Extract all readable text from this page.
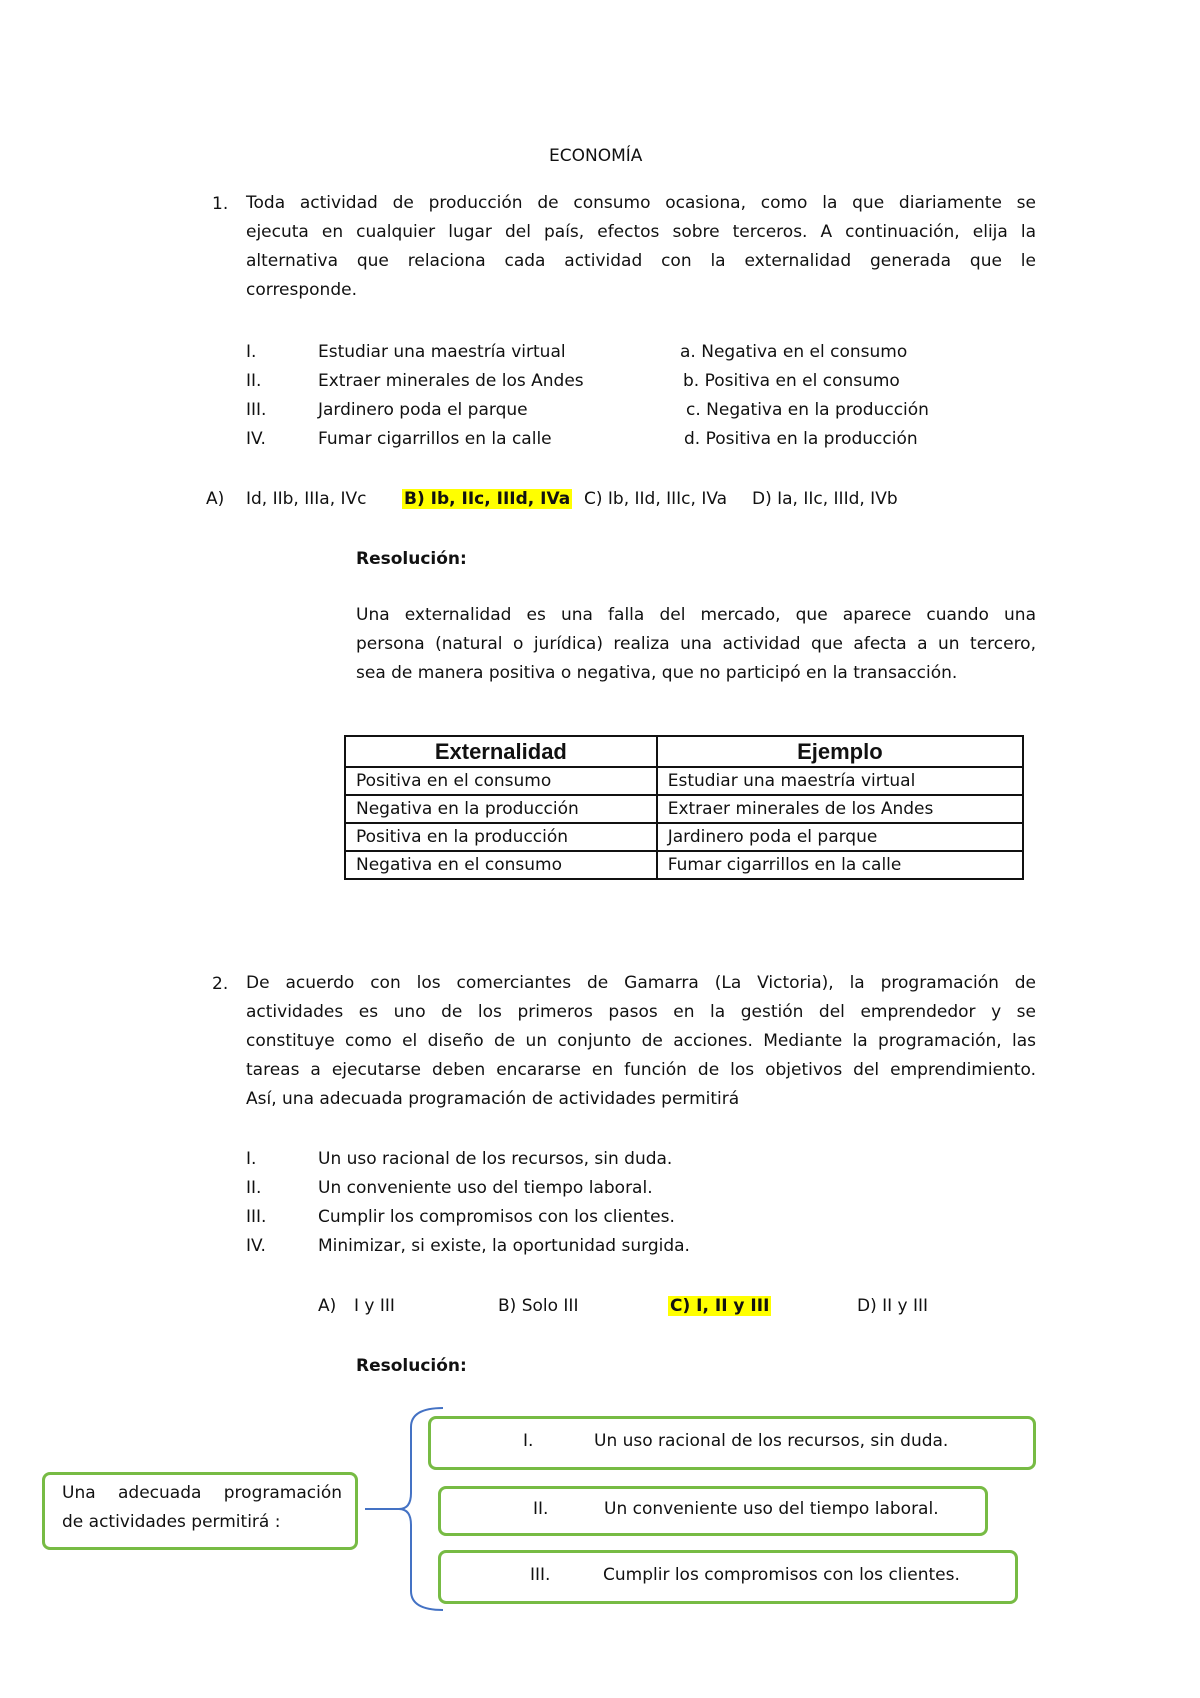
ECONOMÍA
1. Toda actividad de producción de consumo ocasiona, como la que diariamente se
ejecuta en cualquier lugar del país, efectos sobre terceros. A continuación, elija la
alternativa que relaciona cada actividad con la externalidad generada que le
corresponde.
I.	Estudiar una maestría virtual	a. Negativa en el consumo
II.	Extraer minerales de los Andes	b. Positiva en el consumo
III.	Jardinero poda el parque	c. Negativa en la producción
IV.	Fumar cigarrillos en la calle	d. Positiva en la producción
A) Id, IIb, IIIa, IVc B) Ib, IIc, IIId, IVa C) Ib, IId, IIIc, IVa D) Ia, IIc, IIId, IVb
Resolución:
Una externalidad es una falla del mercado, que aparece cuando una
persona (natural o jurídica) realiza una actividad que afecta a un tercero,
sea de manera positiva o negativa, que no participó en la transacción.
Externalidad	Ejemplo
Positiva en el consumo	Estudiar una maestría virtual
Negativa en la producción	Extraer minerales de los Andes
Positiva en la producción	Jardinero poda el parque
Negativa en el consumo	Fumar cigarrillos en la calle
2. De acuerdo con los comerciantes de Gamarra (La Victoria), la programación de
actividades es uno de los primeros pasos en la gestión del emprendedor y se
constituye como el diseño de un conjunto de acciones. Mediante la programación, las
tareas a ejecutarse deben encararse en función de los objetivos del emprendimiento.
Así, una adecuada programación de actividades permitirá
I.	Un uso racional de los recursos, sin duda.
II.	Un conveniente uso del tiempo laboral.
III.	Cumplir los compromisos con los clientes.
IV.	Minimizar, si existe, la oportunidad surgida.
A) I y III	B) Solo III	C) I, II y III	D) II y III
Resolución:
Una adecuada programación
de actividades permitirá :
I.	Un uso racional de los recursos, sin duda.
II.	Un conveniente uso del tiempo laboral.
III.	Cumplir los compromisos con los clientes.
